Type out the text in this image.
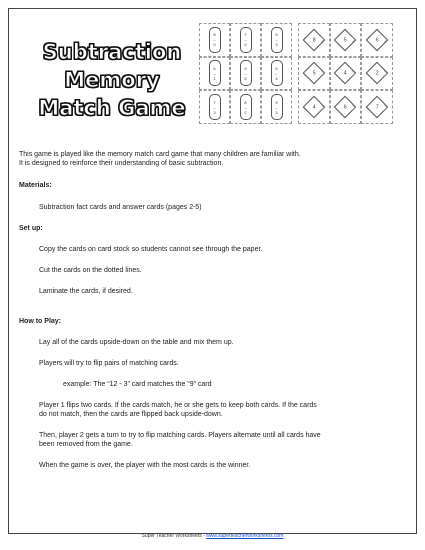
Subtraction
Memory
Match Game
8
–
0
7
–
2
9
–
3
6
–
1
9
–
5
6
–
4
7
–
3
8
–
2
9
–
3
8	5	6
5	4	2
4	6	7
This game is played like the memory match card game that many children are familiar with.
It is designed to reinforce their understanding of basic subtraction.
Materials:
Subtraction fact cards and answer cards (pages 2-5)
Set up:
Copy the cards on card stock so students cannot see through the paper.
Cut the cards on the dotted lines.
Laminate the cards, if desired.
How to Play:
Lay all of the cards upside-down on the table and mix them up.
Players will try to flip pairs of matching cards.
example: The “12 - 3” card matches the “9” card
Player 1 flips two cards. If the cards match, he or she gets to keep both cards. If the cards
do not match, then the cards are flipped back upside-down.
Then, player 2 gets a turn to try to flip matching cards. Players alternate until all cards have
been removed from the game.
When the game is over, the player with the most cards is the winner.
Super Teacher Worksheets - www.superteacherworksheets.com
